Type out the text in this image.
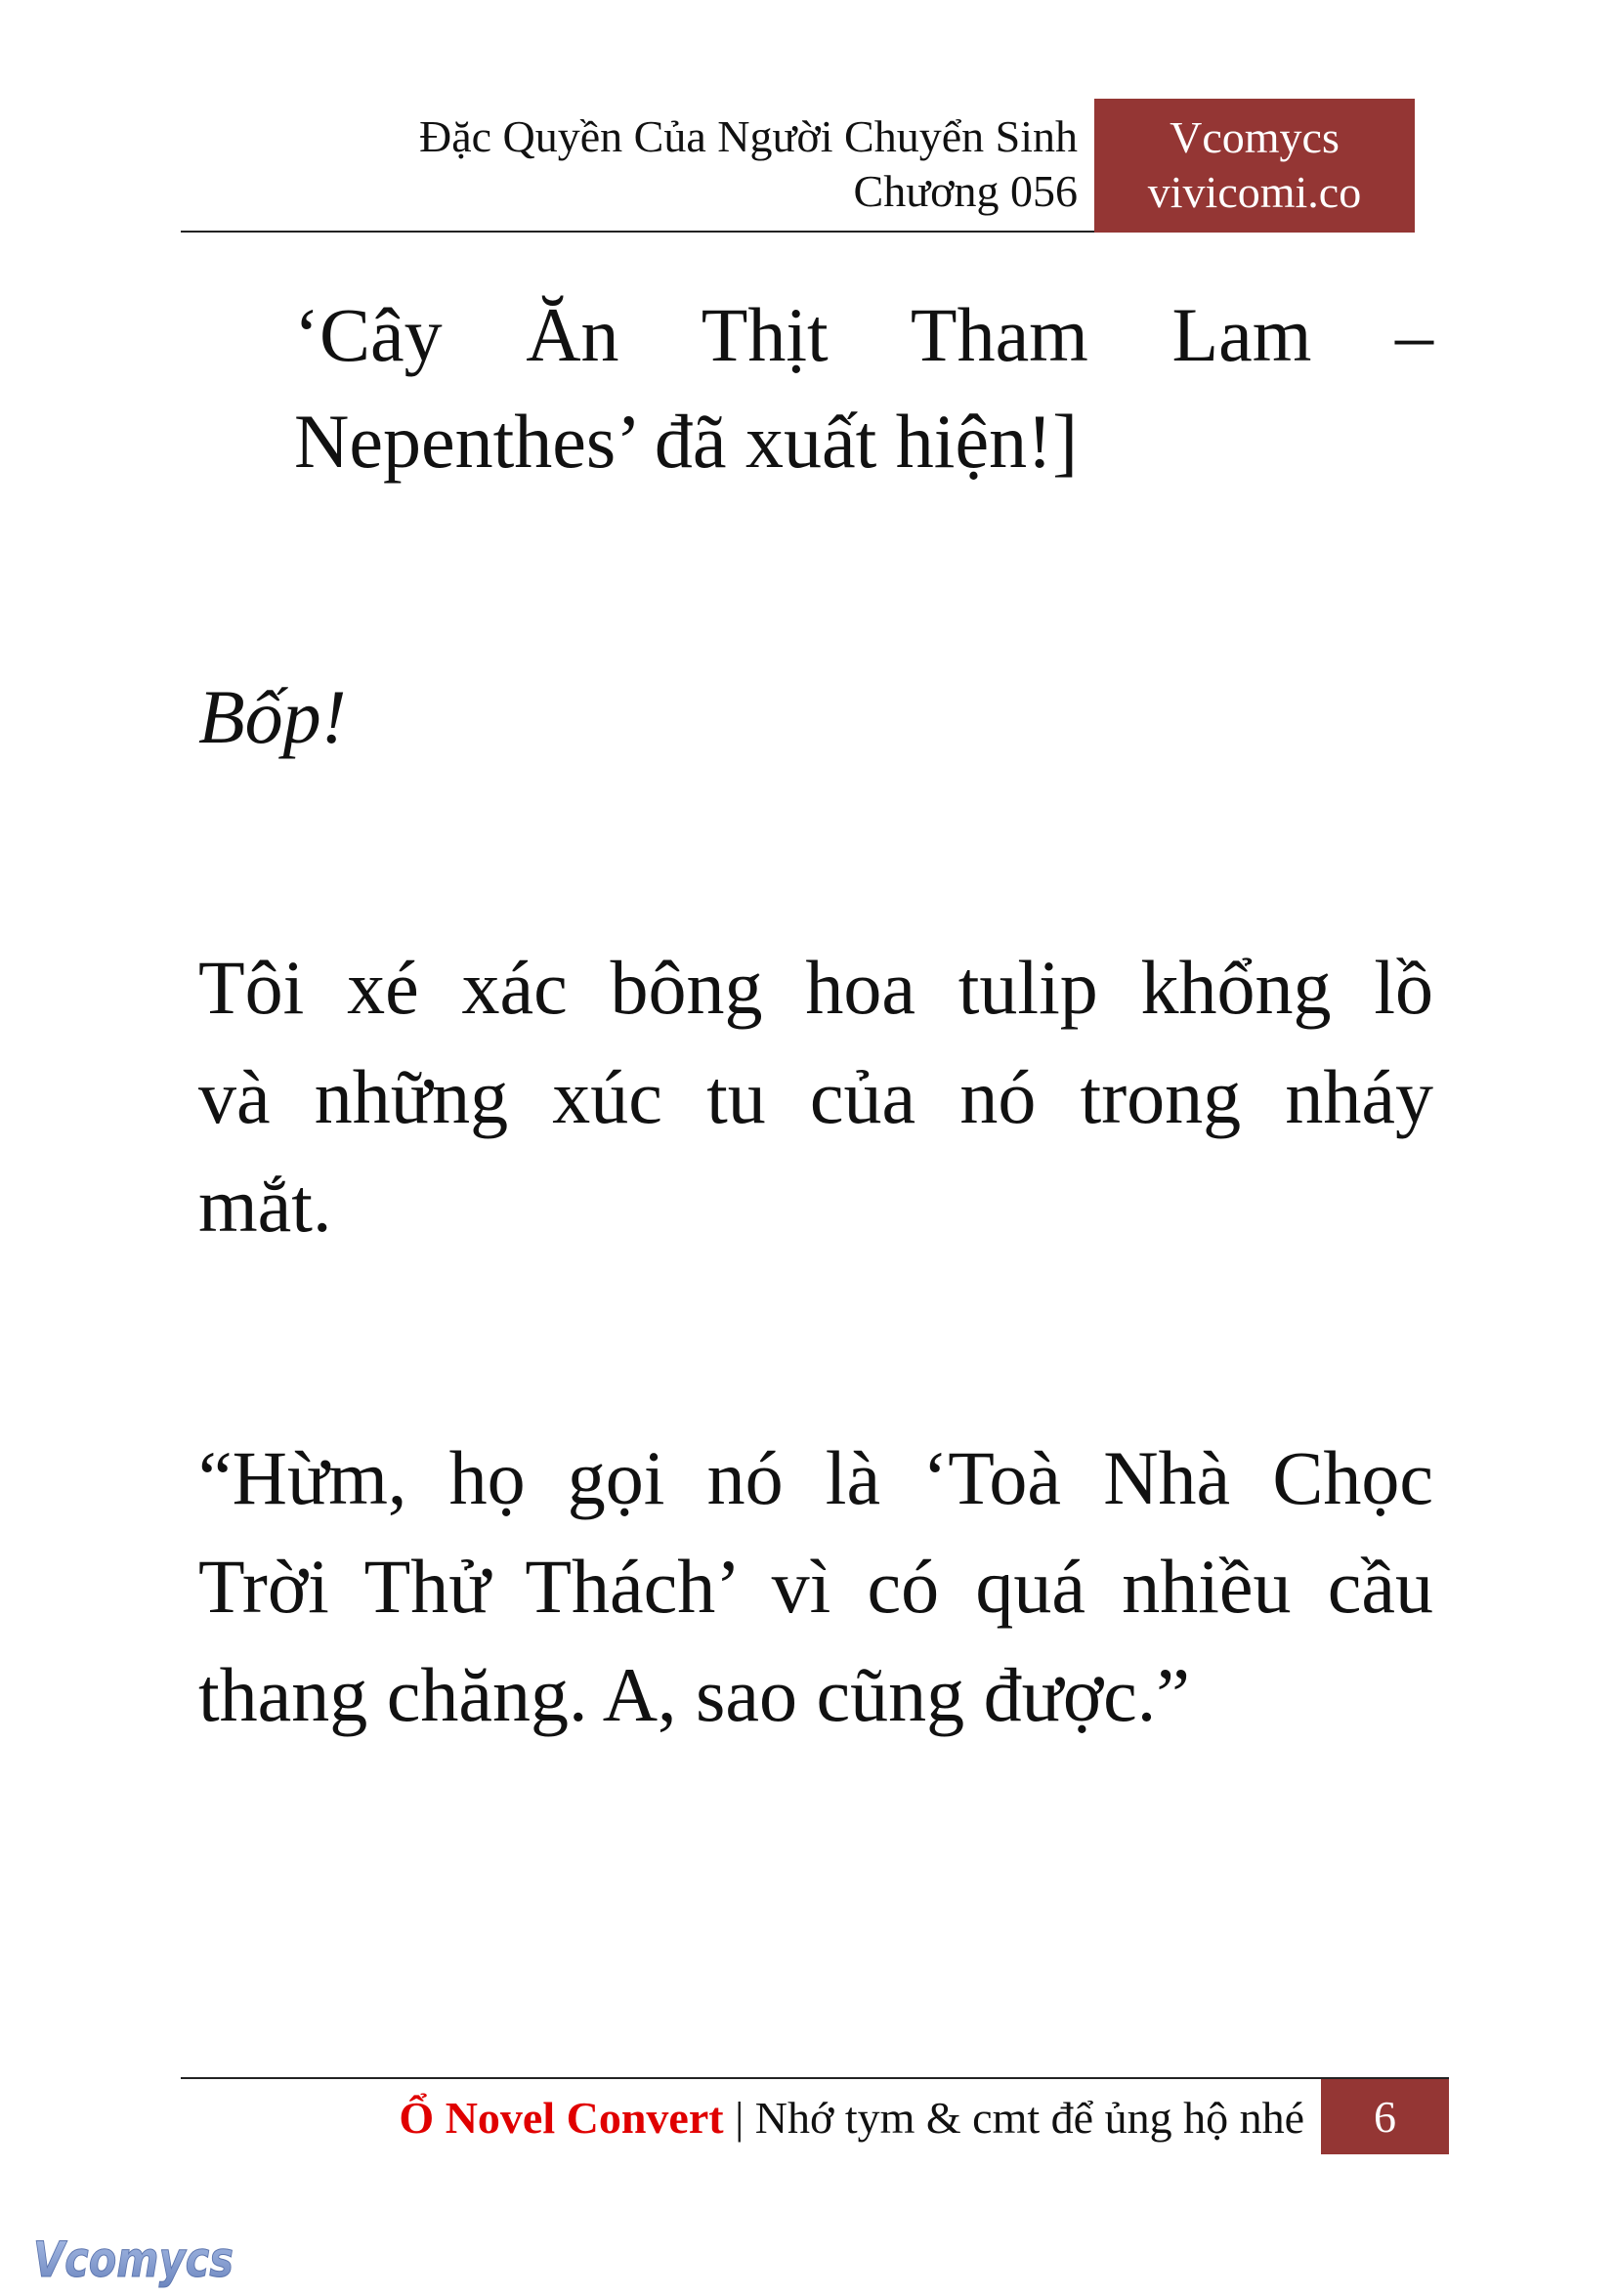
Đặc Quyền Của Người Chuyển Sinh
Chương 056
Vcomycs
vivicomi.co
‘Cây Ăn Thịt Tham Lam –
Nepenthes’ đã xuất hiện!]
Bốp!
Tôi xé xác bông hoa tulip khổng lồ
và những xúc tu của nó trong nháy
mắt.
“Hừm, họ gọi nó là ‘Toà Nhà Chọc
Trời Thử Thách’ vì có quá nhiều cầu
thang chăng. A, sao cũng được.”
Ổ Novel Convert | Nhớ tym & cmt để ủng hộ nhé	6
Vcomycs
